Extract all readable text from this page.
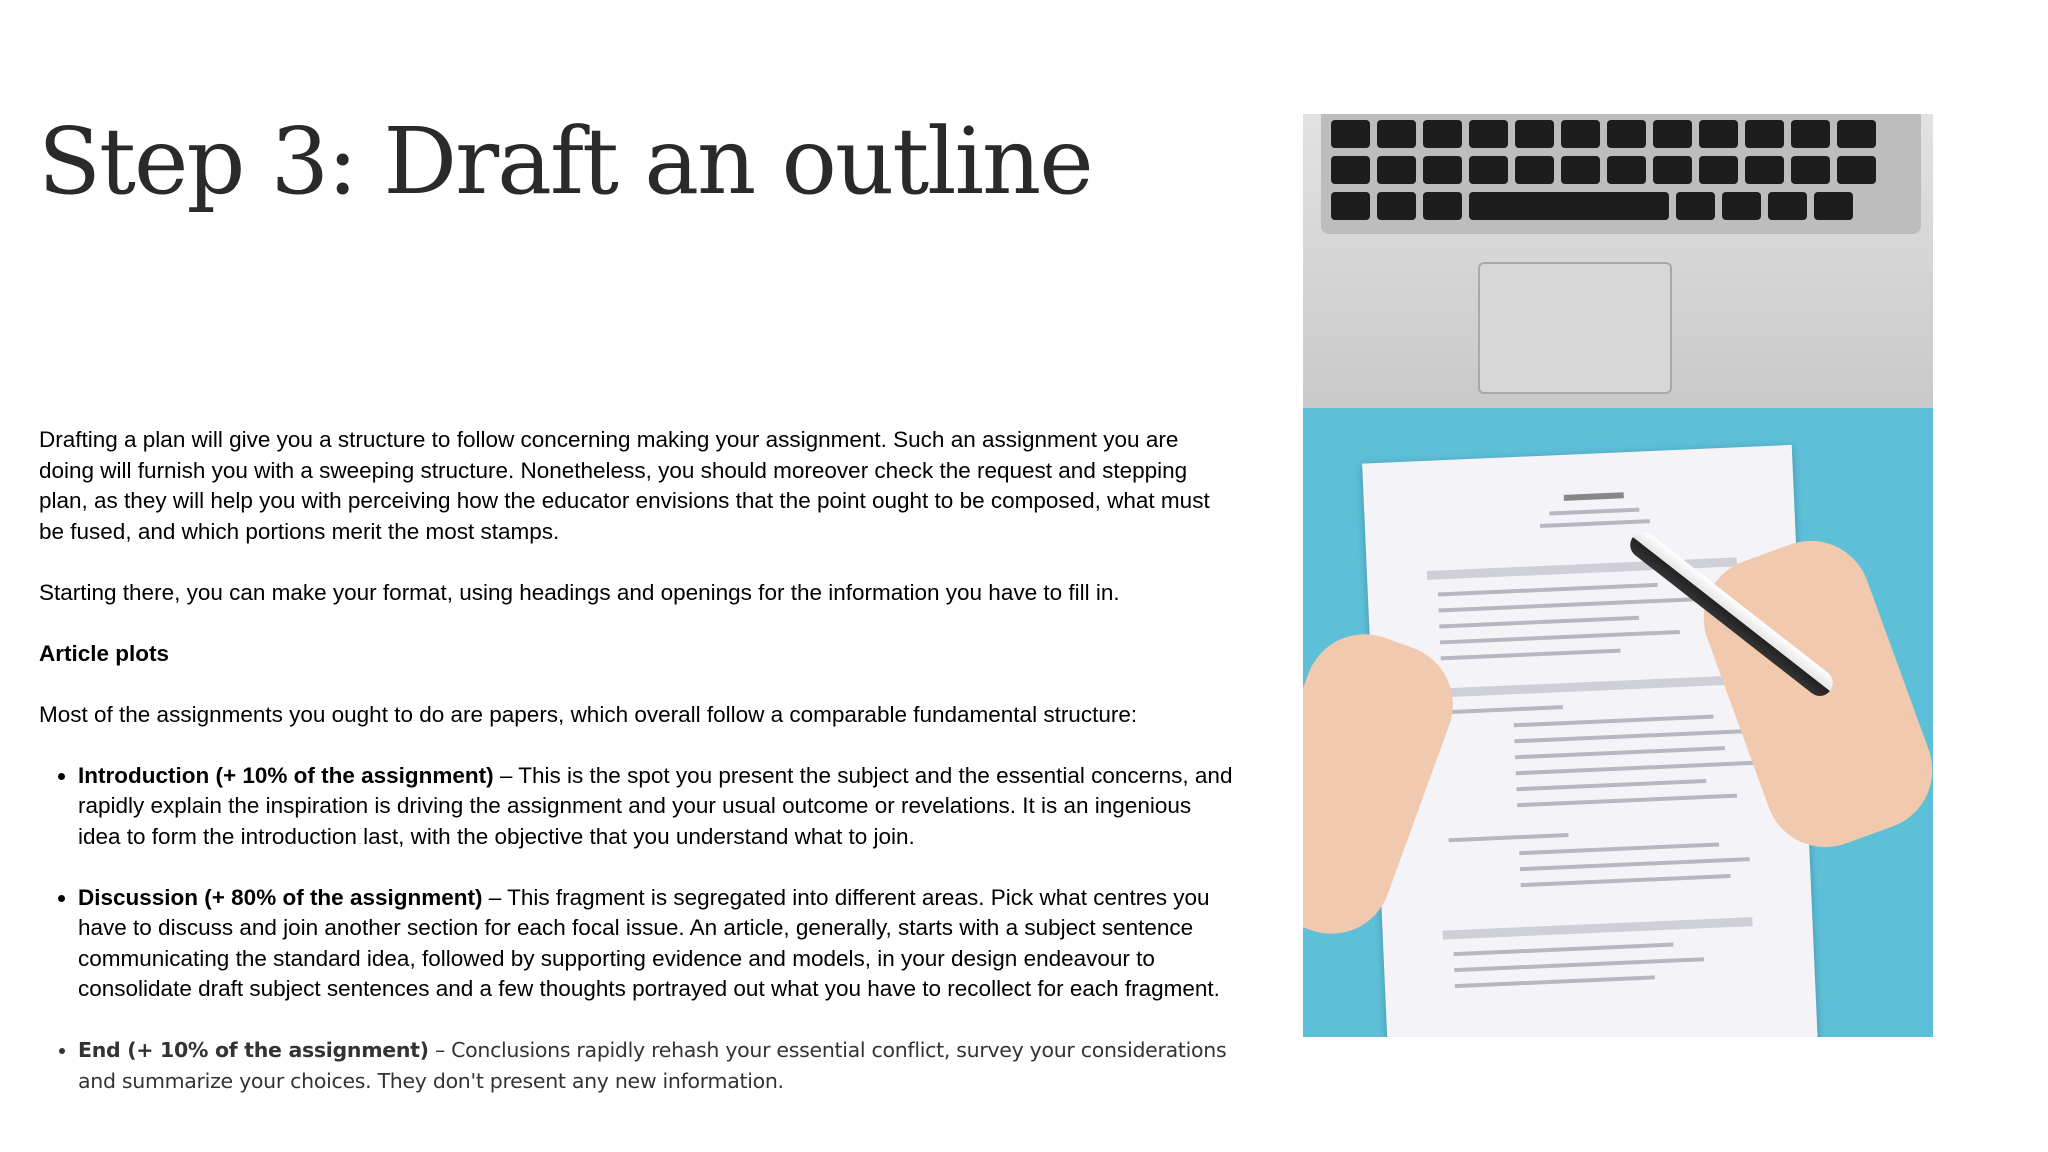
Step 3: Draft an outline

Drafting a plan will give you a structure to follow concerning making your assignment. Such an assignment you are doing will furnish you with a sweeping structure. Nonetheless, you should moreover check the request and stepping plan, as they will help you with perceiving how the educator envisions that the point ought to be composed, what must be fused, and which portions merit the most stamps.

Starting there, you can make your format, using headings and openings for the information you have to fill in.

Article plots

Most of the assignments you ought to do are papers, which overall follow a comparable fundamental structure:

• Introduction (+ 10% of the assignment) – This is the spot you present the subject and the essential concerns, and rapidly explain the inspiration is driving the assignment and your usual outcome or revelations. It is an ingenious idea to form the introduction last, with the objective that you understand what to join.
• Discussion (+ 80% of the assignment) – This fragment is segregated into different areas. Pick what centres you have to discuss and join another section for each focal issue. An article, generally, starts with a subject sentence communicating the standard idea, followed by supporting evidence and models, in your design endeavour to consolidate draft subject sentences and a few thoughts portrayed out what you have to recollect for each fragment.
• End (+ 10% of the assignment) – Conclusions rapidly rehash your essential conflict, survey your considerations and summarize your choices. They don't present any new information.
